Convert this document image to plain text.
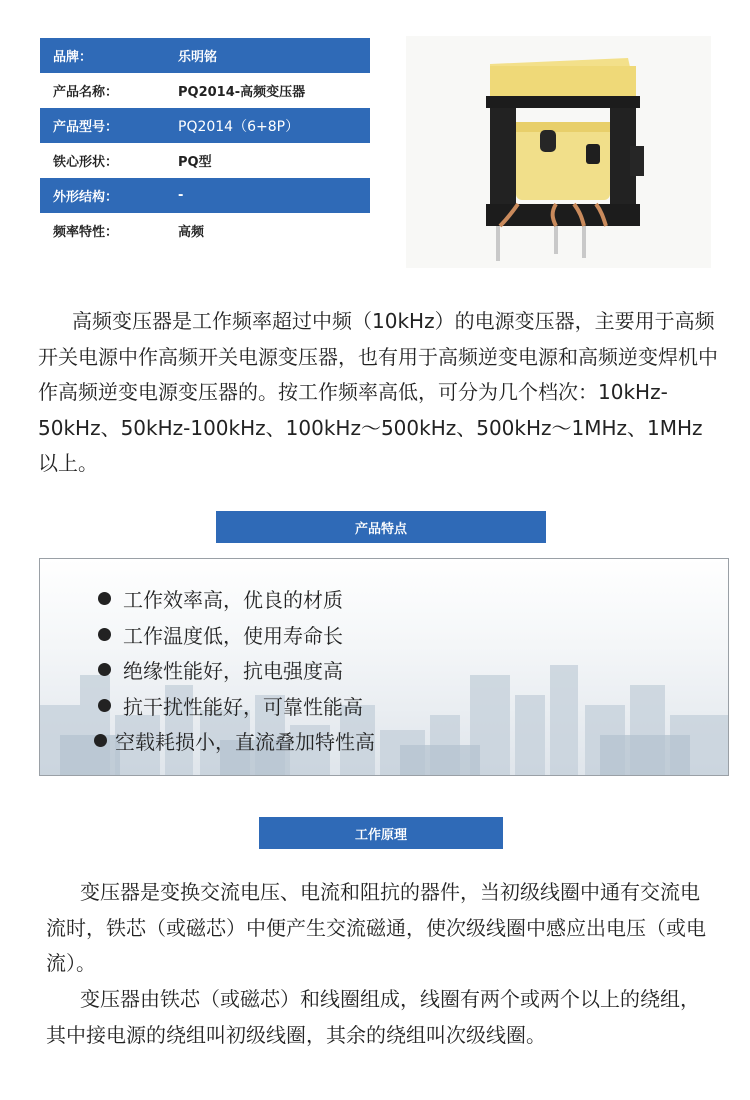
品牌：	乐明铭
产品名称：	PQ2014-高频变压器
产品型号：	PQ2014（6+8P）
铁心形状：	PQ型
外形结构：	-
频率特性：	高频
高频变压器是工作频率超过中频（10kHz）的电源变压器，主要用于高频开关电源中作高频开关电源变压器，也有用于高频逆变电源和高频逆变焊机中作高频逆变电源变压器的。按工作频率高低，可分为几个档次：10kHz- 50kHz、50kHz-100kHz、100kHz～500kHz、500kHz～1MHz、1MHz以上。
产品特点
工作效率高，优良的材质
工作温度低，使用寿命长
绝缘性能好，抗电强度高
抗干扰性能好，可靠性能高
空载耗损小，直流叠加特性高
工作原理
变压器是变换交流电压、电流和阻抗的器件，当初级线圈中通有交流电流时，铁芯（或磁芯）中便产生交流磁通，使次级线圈中感应出电压（或电流）。
变压器由铁芯（或磁芯）和线圈组成，线圈有两个或两个以上的绕组，其中接电源的绕组叫初级线圈，其余的绕组叫次级线圈。
